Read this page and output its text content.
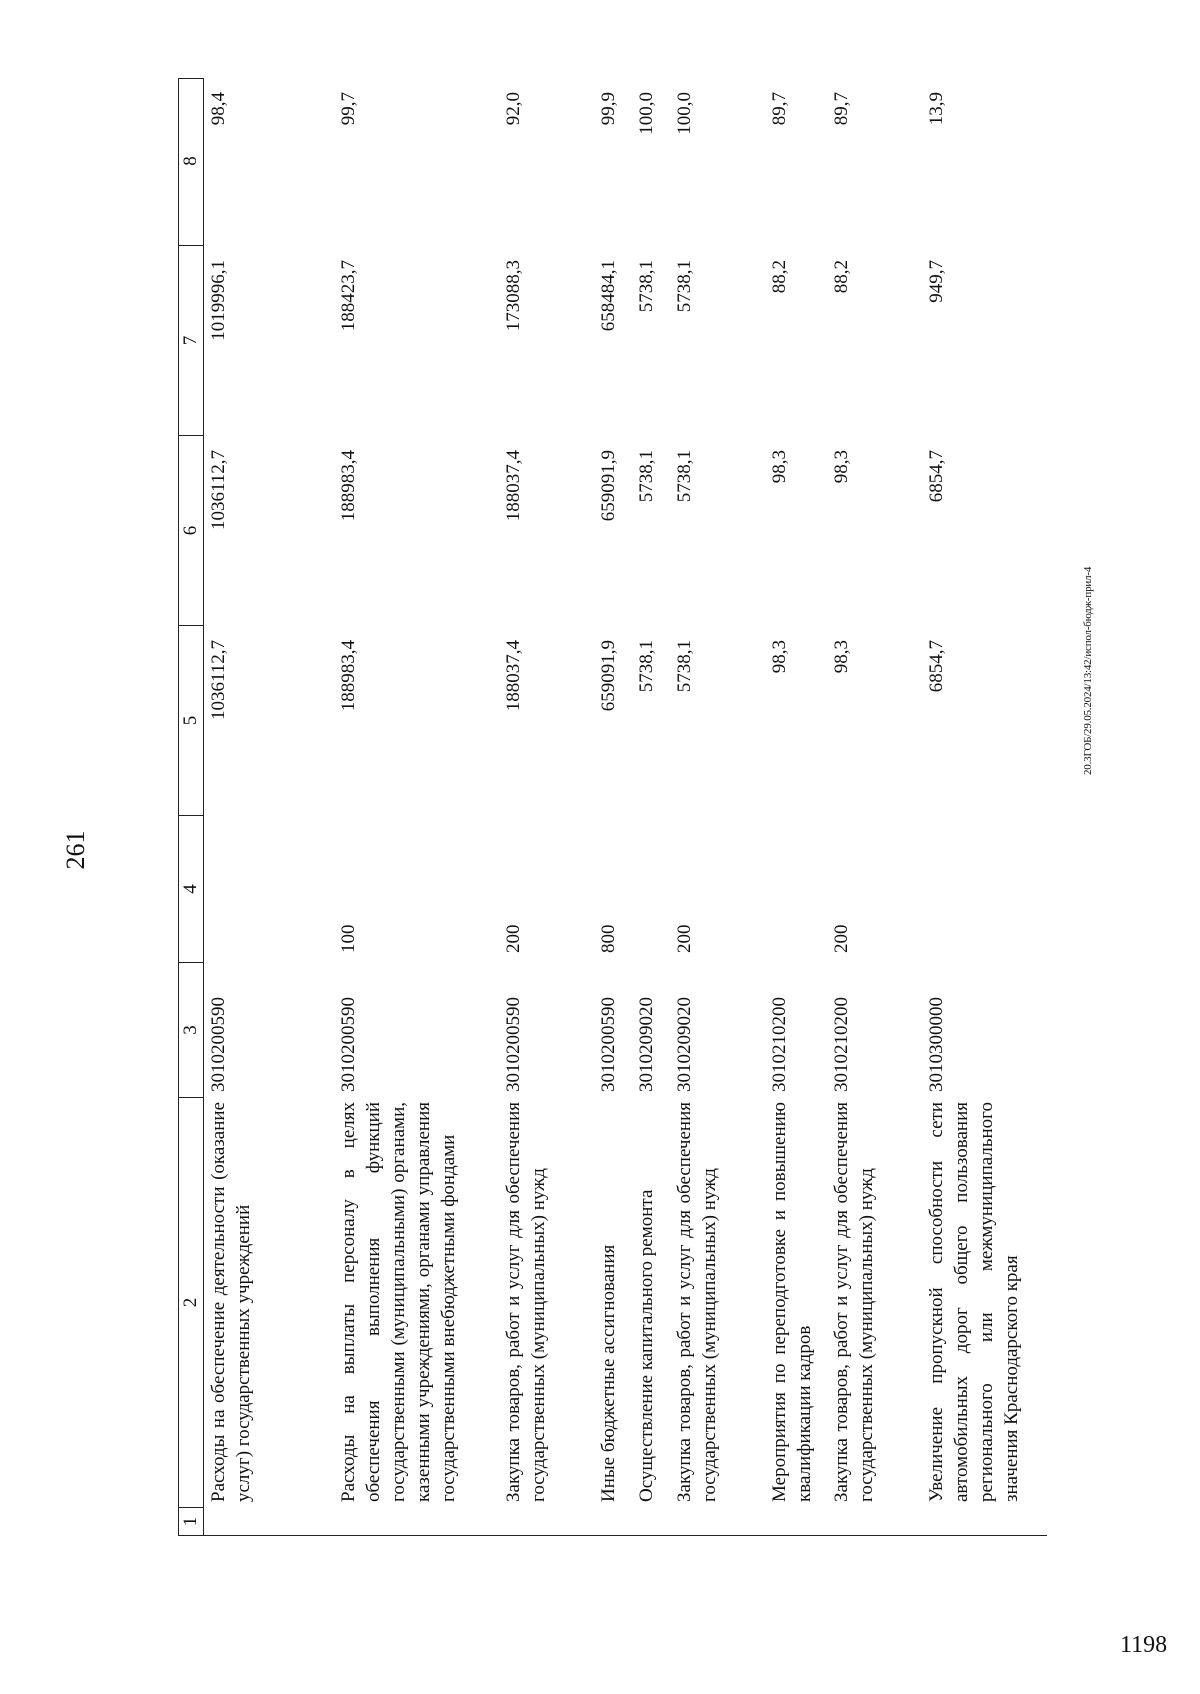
261
20.3ГОБ/29.05.2024/13:42/испол-бюдж-прил-4
1198
1
2
3
4
5
6
7
8
Расходы на обеспечение деятельности (оказание услуг) государственных учреждений
3010200590
1036112,7
1036112,7
1019996,1
98,4
Расходы на выплаты персоналу в целях обеспечения выполнения функций государственными (муниципальными) органами, казенными учреждениями, органами управления государственными внебюджетными фондами
3010200590
100
188983,4
188983,4
188423,7
99,7
Закупка товаров, работ и услуг для обеспечения государственных (муниципальных) нужд
3010200590
200
188037,4
188037,4
173088,3
92,0
Иные бюджетные ассигнования
3010200590
800
659091,9
659091,9
658484,1
99,9
Осуществление капитального ремонта
3010209020
5738,1
5738,1
5738,1
100,0
Закупка товаров, работ и услуг для обеспечения государственных (муниципальных) нужд
3010209020
200
5738,1
5738,1
5738,1
100,0
Мероприятия по переподготовке и повышению квалификации кадров
3010210200
98,3
98,3
88,2
89,7
Закупка товаров, работ и услуг для обеспечения государственных (муниципальных) нужд
3010210200
200
98,3
98,3
88,2
89,7
Увеличение пропускной способности сети автомобильных дорог общего пользования регионального или межмуниципального значения Краснодарского края
3010300000
6854,7
6854,7
949,7
13,9
